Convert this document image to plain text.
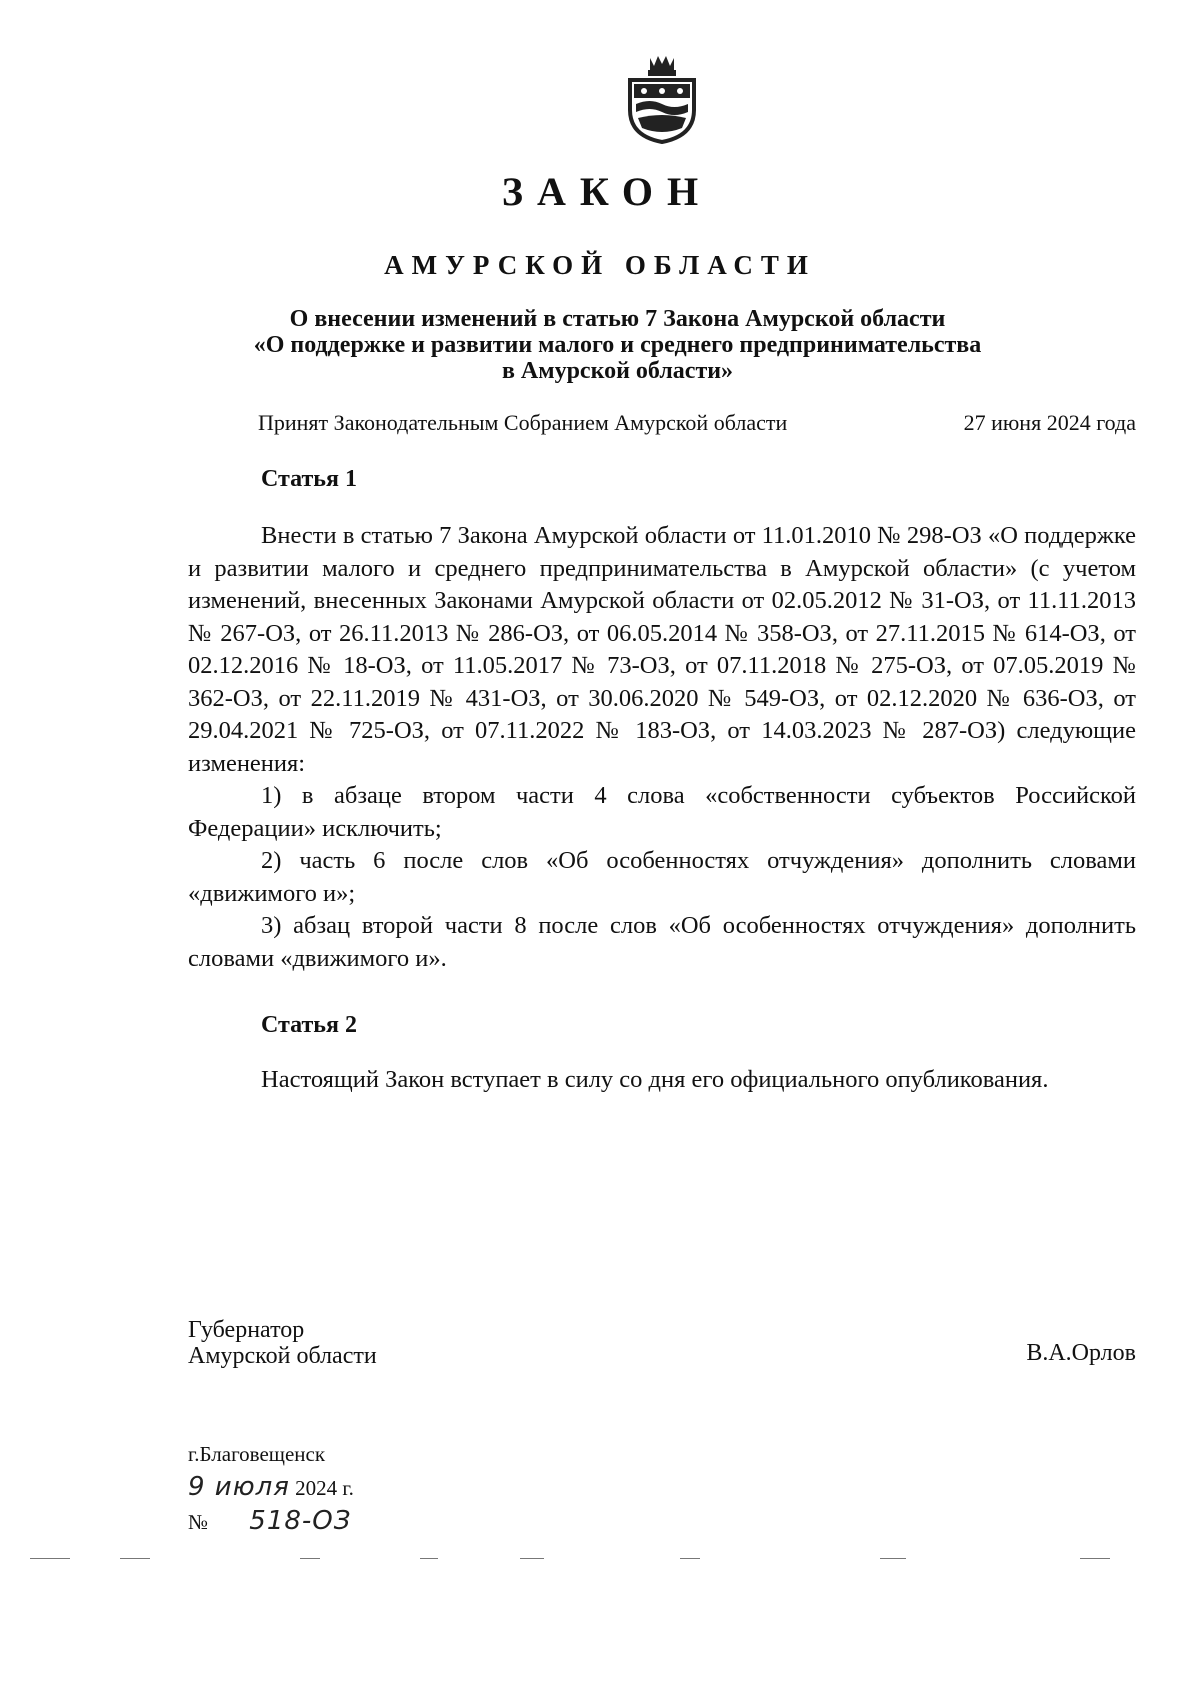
ЗАКОН
АМУРСКОЙ ОБЛАСТИ
О внесении изменений в статью 7 Закона Амурской области
«О поддержке и развитии малого и среднего предпринимательства
в Амурской области»
Принят Законодательным Собранием Амурской области	27 июня 2024 года
Статья 1

Внести в статью 7 Закона Амурской области от 11.01.2010 № 298-ОЗ «О поддержке и развитии малого и среднего предпринимательства в Амурской области» (с учетом изменений, внесенных Законами Амурской области от 02.05.2012 № 31-ОЗ, от 11.11.2013 № 267-ОЗ, от 26.11.2013 № 286-ОЗ, от 06.05.2014 № 358-ОЗ, от 27.11.2015 № 614-ОЗ, от 02.12.2016 № 18-ОЗ, от 11.05.2017 № 73-ОЗ, от 07.11.2018 № 275-ОЗ, от 07.05.2019 № 362-ОЗ, от 22.11.2019 № 431-ОЗ, от 30.06.2020 № 549-ОЗ, от 02.12.2020 № 636-ОЗ, от 29.04.2021 № 725-ОЗ, от 07.11.2022 № 183-ОЗ, от 14.03.2023 № 287-ОЗ) следующие изменения:

1) в абзаце втором части 4 слова «собственности субъектов Российской Федерации» исключить;

2) часть 6 после слов «Об особенностях отчуждения» дополнить словами «движимого и»;

3) абзац второй части 8 после слов «Об особенностях отчуждения» дополнить словами «движимого и».

Статья 2

Настоящий Закон вступает в силу со дня его официального опубликования.

Губернатор
Амурской области	В.А.Орлов
г.Благовещенск
9 июля 2024 г.
№ 518-ОЗ
